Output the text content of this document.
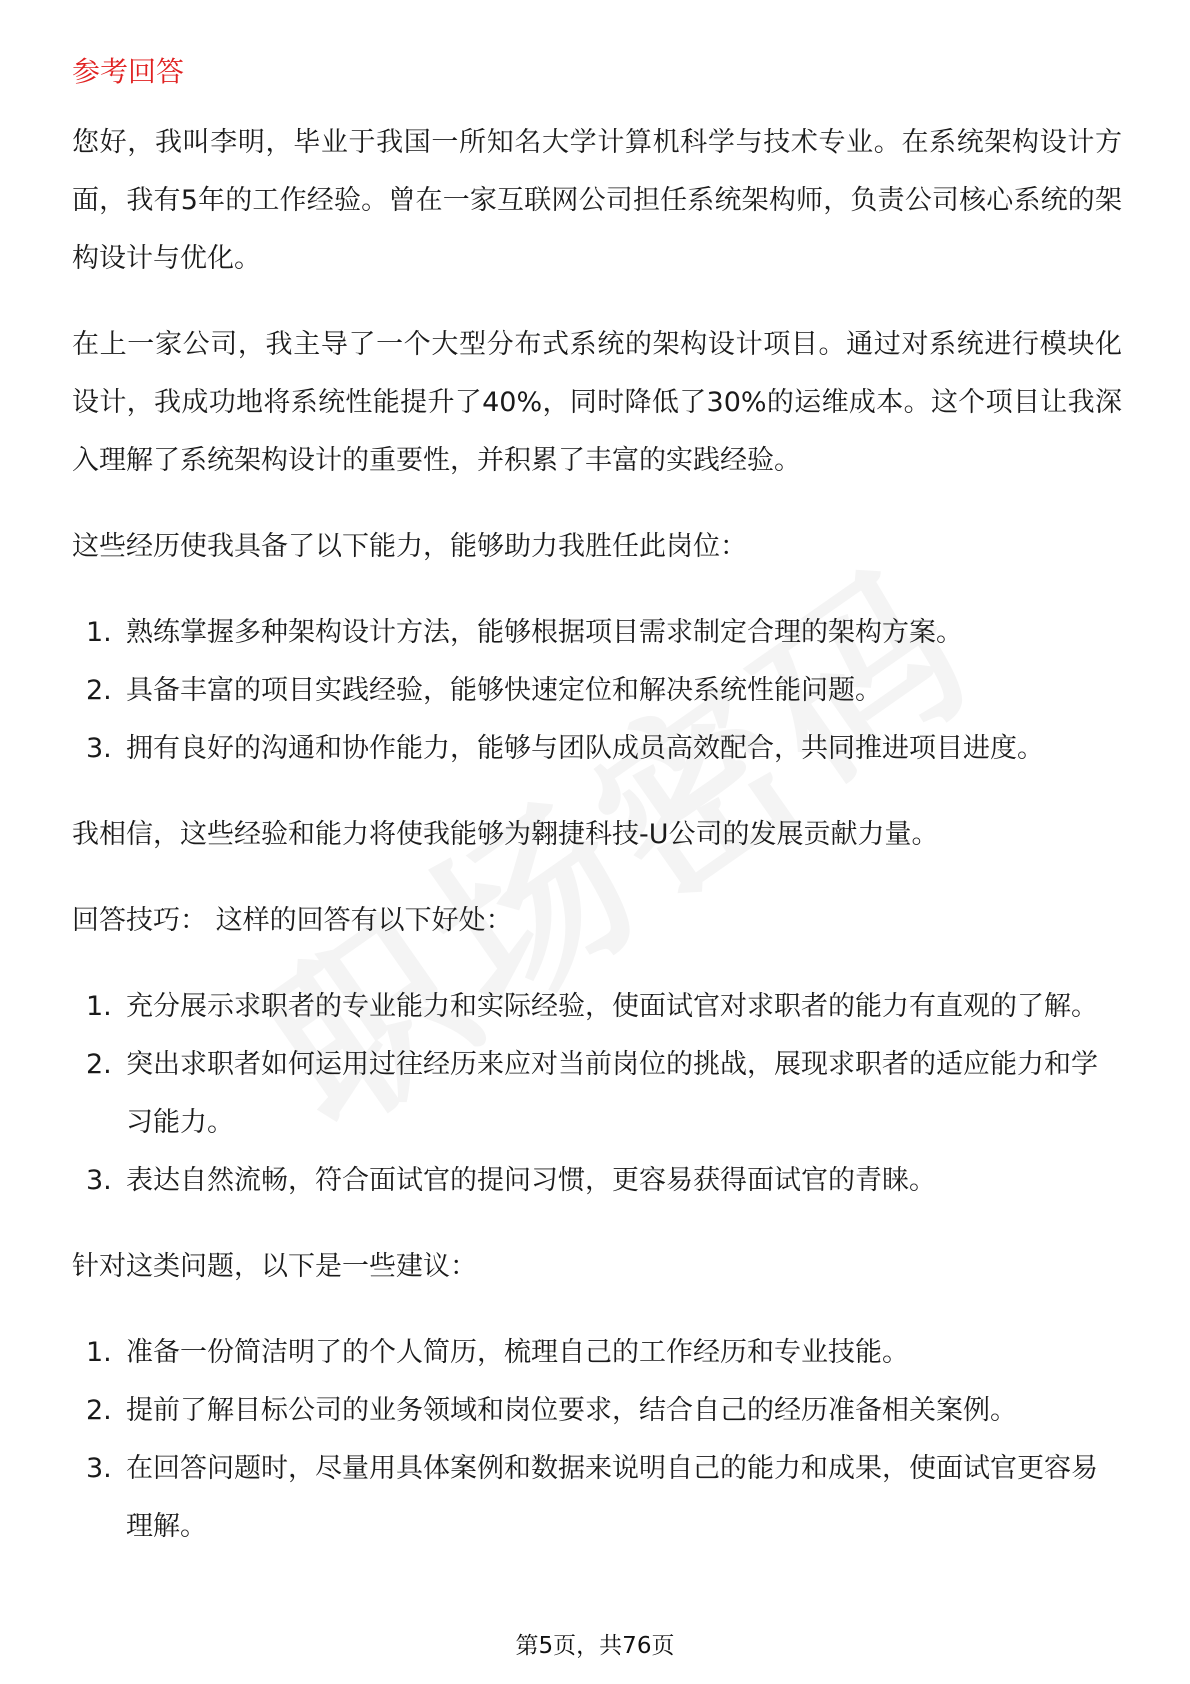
参考回答

您好，我叫李明，毕业于我国一所知名大学计算机科学与技术专业。在系统架构设计方面，我有5年的工作经验。曾在一家互联网公司担任系统架构师，负责公司核心系统的架构设计与优化。

在上一家公司，我主导了一个大型分布式系统的架构设计项目。通过对系统进行模块化设计，我成功地将系统性能提升了40%，同时降低了30%的运维成本。这个项目让我深入理解了系统架构设计的重要性，并积累了丰富的实践经验。

这些经历使我具备了以下能力，能够助力我胜任此岗位：

1. 熟练掌握多种架构设计方法，能够根据项目需求制定合理的架构方案。
2. 具备丰富的项目实践经验，能够快速定位和解决系统性能问题。
3. 拥有良好的沟通和协作能力，能够与团队成员高效配合，共同推进项目进度。

我相信，这些经验和能力将使我能够为翱捷科技-U公司的发展贡献力量。

回答技巧： 这样的回答有以下好处：

1. 充分展示求职者的专业能力和实际经验，使面试官对求职者的能力有直观的了解。
2. 突出求职者如何运用过往经历来应对当前岗位的挑战，展现求职者的适应能力和学习能力。
3. 表达自然流畅，符合面试官的提问习惯，更容易获得面试官的青睐。

针对这类问题，以下是一些建议：

1. 准备一份简洁明了的个人简历，梳理自己的工作经历和专业技能。
2. 提前了解目标公司的业务领域和岗位要求，结合自己的经历准备相关案例。
3. 在回答问题时，尽量用具体案例和数据来说明自己的能力和成果，使面试官更容易理解。
第5页，共76页
